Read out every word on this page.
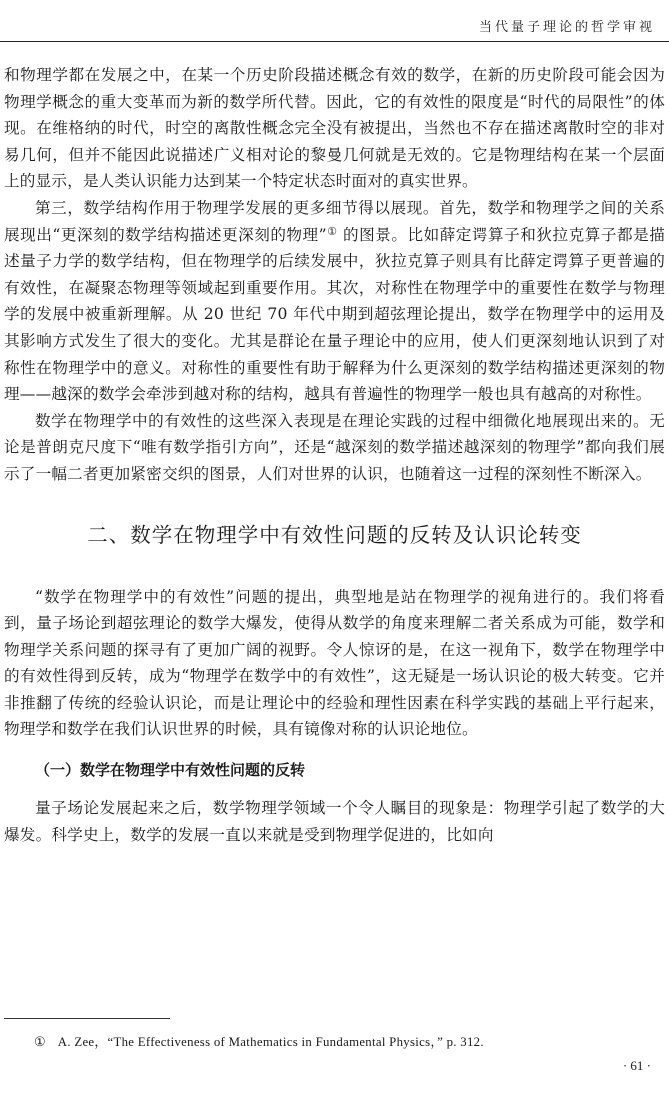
当代量子理论的哲学审视

和物理学都在发展之中，在某一个历史阶段描述概念有效的数学，在新的历史阶段可能会因为物理学概念的重大变革而为新的数学所代替。因此，它的有效性的限度是“时代的局限性”的体现。在维格纳的时代，时空的离散性概念完全没有被提出，当然也不存在描述离散时空的非对易几何，但并不能因此说描述广义相对论的黎曼几何就是无效的。它是物理结构在某一个层面上的显示，是人类认识能力达到某一个特定状态时面对的真实世界。

第三，数学结构作用于物理学发展的更多细节得以展现。首先，数学和物理学之间的关系展现出“更深刻的数学结构描述更深刻的物理”① 的图景。比如薛定谔算子和狄拉克算子都是描述量子力学的数学结构，但在物理学的后续发展中，狄拉克算子则具有比薛定谔算子更普遍的有效性，在凝聚态物理等领域起到重要作用。其次，对称性在物理学中的重要性在数学与物理学的发展中被重新理解。从 20 世纪 70 年代中期到超弦理论提出，数学在物理学中的运用及其影响方式发生了很大的变化。尤其是群论在量子理论中的应用，使人们更深刻地认识到了对称性在物理学中的意义。对称性的重要性有助于解释为什么更深刻的数学结构描述更深刻的物理——越深的数学会牵涉到越对称的结构，越具有普遍性的物理学一般也具有越高的对称性。

数学在物理学中的有效性的这些深入表现是在理论实践的过程中细微化地展现出来的。无论是普朗克尺度下“唯有数学指引方向”，还是“越深刻的数学描述越深刻的物理学”都向我们展示了一幅二者更加紧密交织的图景，人们对世界的认识，也随着这一过程的深刻性不断深入。

二、数学在物理学中有效性问题的反转及认识论转变

“数学在物理学中的有效性”问题的提出，典型地是站在物理学的视角进行的。我们将看到，量子场论到超弦理论的数学大爆发，使得从数学的角度来理解二者关系成为可能，数学和物理学关系问题的探寻有了更加广阔的视野。令人惊讶的是，在这一视角下，数学在物理学中的有效性得到反转，成为“物理学在数学中的有效性”，这无疑是一场认识论的极大转变。它并非推翻了传统的经验认识论，而是让理论中的经验和理性因素在科学实践的基础上平行起来，物理学和数学在我们认识世界的时候，具有镜像对称的认识论地位。

（一）数学在物理学中有效性问题的反转

量子场论发展起来之后，数学物理学领域一个令人瞩目的现象是：物理学引起了数学的大爆发。科学史上，数学的发展一直以来就是受到物理学促进的，比如向

① A. Zee，“The Effectiveness of Mathematics in Fundamental Physics，” p. 312.
· 61 ·
